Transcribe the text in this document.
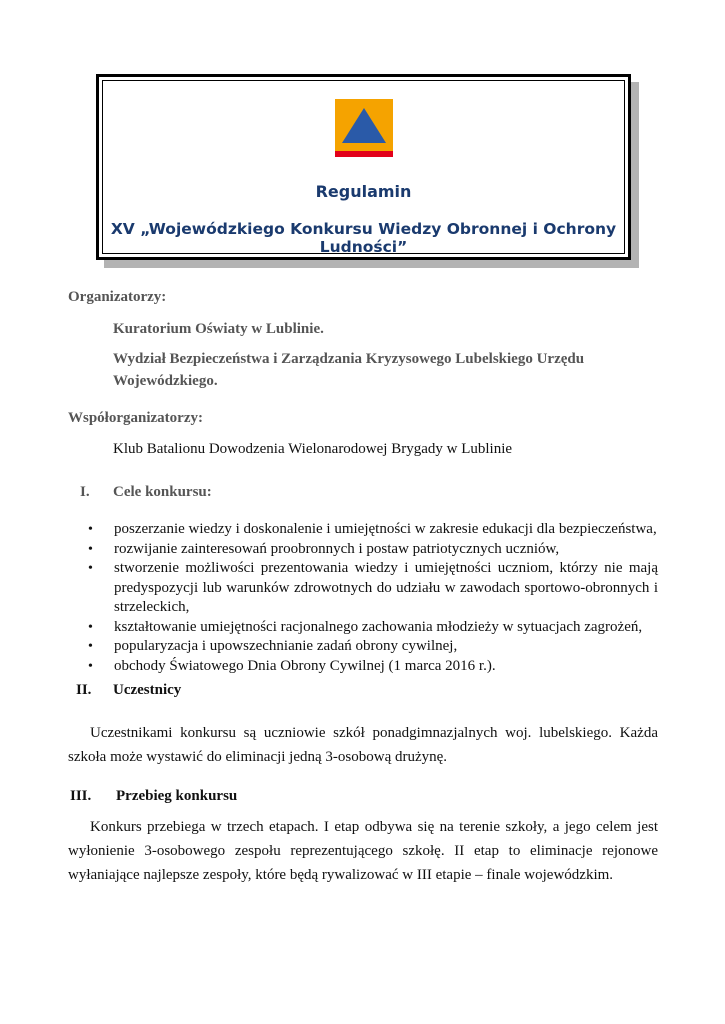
Regulamin
XV „Wojewódzkiego Konkursu Wiedzy Obronnej i Ochrony Ludności”
Organizatorzy:
Kuratorium Oświaty w Lublinie.
Wydział Bezpieczeństwa i Zarządzania Kryzysowego Lubelskiego Urzędu
Wojewódzkiego.
Współorganizatorzy:
Klub Batalionu Dowodzenia Wielonarodowej Brygady w Lublinie
I. Cele konkursu:
• poszerzanie wiedzy i doskonalenie i umiejętności w zakresie edukacji dla bezpieczeństwa,
• rozwijanie zainteresowań proobronnych i postaw patriotycznych uczniów,
• stworzenie możliwości prezentowania wiedzy i umiejętności uczniom, którzy nie mają predyspozycji lub warunków zdrowotnych do udziału w zawodach sportowo-obronnych i strzeleckich,
• kształtowanie umiejętności racjonalnego zachowania młodzieży w sytuacjach zagrożeń,
• popularyzacja i upowszechnianie zadań obrony cywilnej,
• obchody Światowego Dnia Obrony Cywilnej (1 marca 2016 r.).
II. Uczestnicy
Uczestnikami konkursu są uczniowie szkół ponadgimnazjalnych woj. lubelskiego. Każda szkoła może wystawić do eliminacji jedną 3-osobową drużynę.
III. Przebieg konkursu
Konkurs przebiega w trzech etapach. I etap odbywa się na terenie szkoły, a jego celem jest wyłonienie 3-osobowego zespołu reprezentującego szkołę. II etap to eliminacje rejonowe wyłaniające najlepsze zespoły, które będą rywalizować w III etapie – finale wojewódzkim.
